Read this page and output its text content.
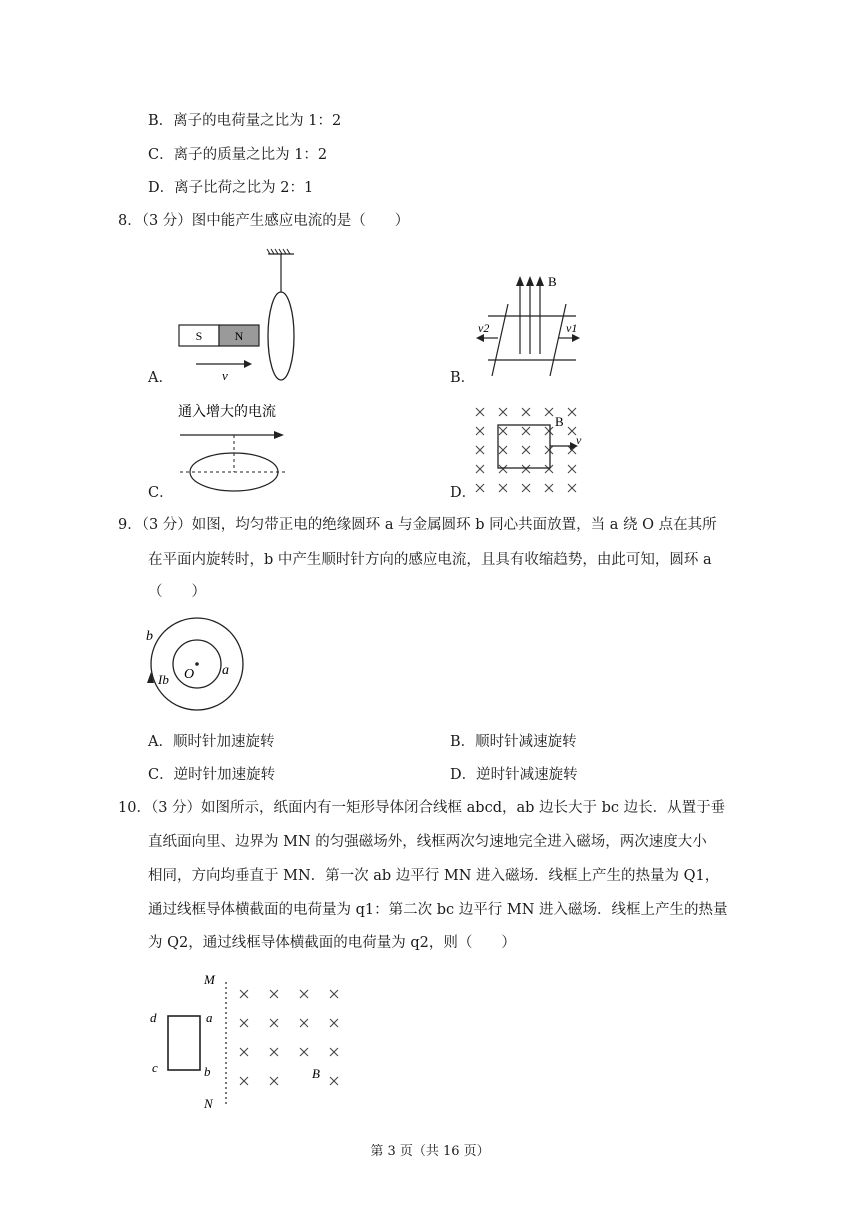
B．离子的电荷量之比为 1：2
C．离子的质量之比为 1：2
D．离子比荷之比为 2：1
8．（3 分）图中能产生感应电流的是（　　）
A．
S	N
v	B．
B
v2	v1
C．
通入增大的电流
D．
B
v
9．（3 分）如图，均匀带正电的绝缘圆环 a 与金属圆环 b 同心共面放置，当 a 绕 O 点在其所
在平面内旋转时，b 中产生顺时针方向的感应电流，且具有收缩趋势，由此可知，圆环 a
（　　）
O a
b
Ib
A．顺时针加速旋转	B．顺时针减速旋转
C．逆时针加速旋转	D．逆时针减速旋转
10．（3 分）如图所示，纸面内有一矩形导体闭合线框 abcd，ab 边长大于 bc 边长．从置于垂
直纸面向里、边界为 MN 的匀强磁场外，线框两次匀速地完全进入磁场，两次速度大小
相同，方向均垂直于 MN．第一次 ab 边平行 MN 进入磁场．线框上产生的热量为 Q1，
通过线框导体横截面的电荷量为 q1：第二次 bc 边平行 MN 进入磁场．线框上产生的热量
为 Q2，通过线框导体横截面的电荷量为 q2，则（　　）
M
N
d	a
c	b	B
第 3 页（共 16 页）
